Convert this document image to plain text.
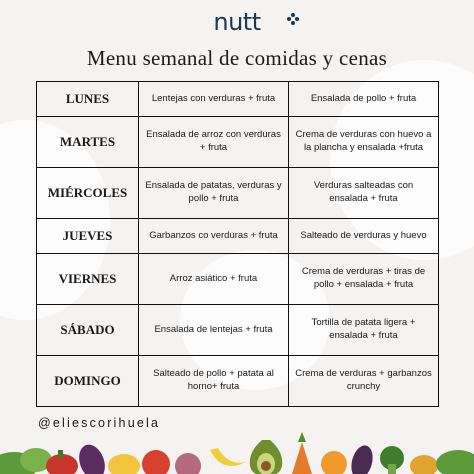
nutt
Menu semanal de comidas y cenas
LUNES	Lentejas con verduras + fruta	Ensalada de pollo + fruta
MARTES	Ensalada de arroz con verduras + fruta	Crema de verduras con huevo a la plancha y ensalada +fruta
MIÉRCOLES	Ensalada de patatas, verduras y pollo + fruta	Verduras salteadas con ensalada + fruta
JUEVES	Garbanzos co verduras + fruta	Salteado de verduras y huevo
VIERNES	Arroz asiático + fruta	Crema de verduras + tiras de pollo + ensalada + fruta
SÁBADO	Ensalada de lentejas + fruta	Tortilla de patata ligera + ensalada + fruta
DOMINGO	Salteado de pollo + patata al horno+ fruta	Crema de verduras + garbanzos crunchy
@eliescorihuela
